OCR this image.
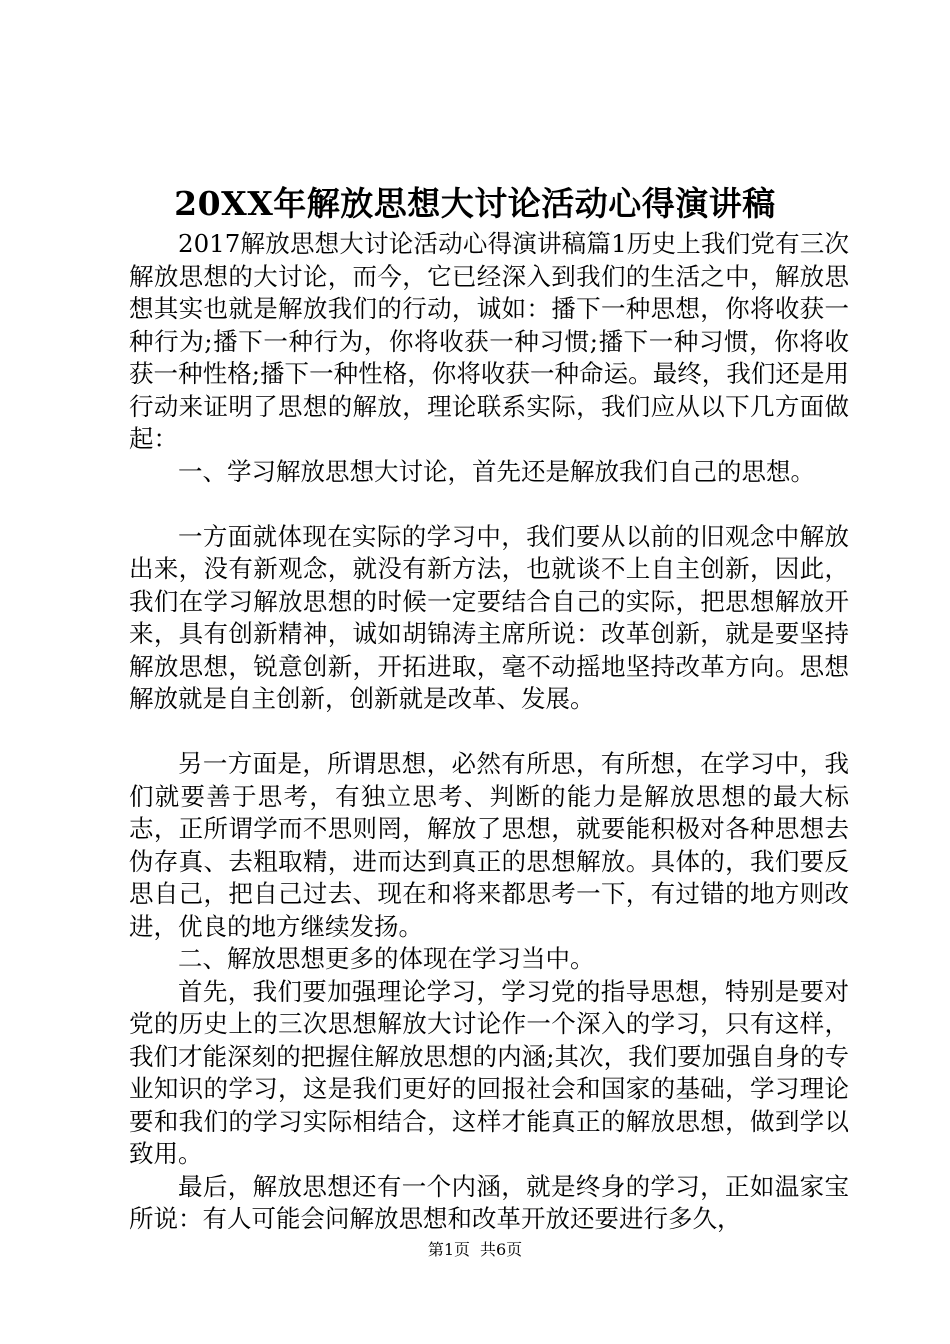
20XX年解放思想大讨论活动心得演讲稿

2017解放思想大讨论活动心得演讲稿篇1历史上我们党有三次解放思想的大讨论，而今，它已经深入到我们的生活之中，解放思想其实也就是解放我们的行动，诚如：播下一种思想，你将收获一种行为;播下一种行为，你将收获一种习惯;播下一种习惯，你将收获一种性格;播下一种性格，你将收获一种命运。最终，我们还是用行动来证明了思想的解放，理论联系实际，我们应从以下几方面做起：

一、学习解放思想大讨论，首先还是解放我们自己的思想。

一方面就体现在实际的学习中，我们要从以前的旧观念中解放出来，没有新观念，就没有新方法，也就谈不上自主创新，因此，我们在学习解放思想的时候一定要结合自己的实际，把思想解放开来，具有创新精神，诚如胡锦涛主席所说：改革创新，就是要坚持解放思想，锐意创新，开拓进取，毫不动摇地坚持改革方向。思想解放就是自主创新，创新就是改革、发展。

另一方面是，所谓思想，必然有所思，有所想，在学习中，我们就要善于思考，有独立思考、判断的能力是解放思想的最大标志，正所谓学而不思则罔，解放了思想，就要能积极对各种思想去伪存真、去粗取精，进而达到真正的思想解放。具体的，我们要反思自己，把自己过去、现在和将来都思考一下，有过错的地方则改进，优良的地方继续发扬。

二、解放思想更多的体现在学习当中。

首先，我们要加强理论学习，学习党的指导思想，特别是要对党的历史上的三次思想解放大讨论作一个深入的学习，只有这样，我们才能深刻的把握住解放思想的内涵;其次，我们要加强自身的专业知识的学习，这是我们更好的回报社会和国家的基础，学习理论要和我们的学习实际相结合，这样才能真正的解放思想，做到学以致用。

最后，解放思想还有一个内涵，就是终身的学习，正如温家宝所说：有人可能会问解放思想和改革开放还要进行多久，

第1页 共6页
